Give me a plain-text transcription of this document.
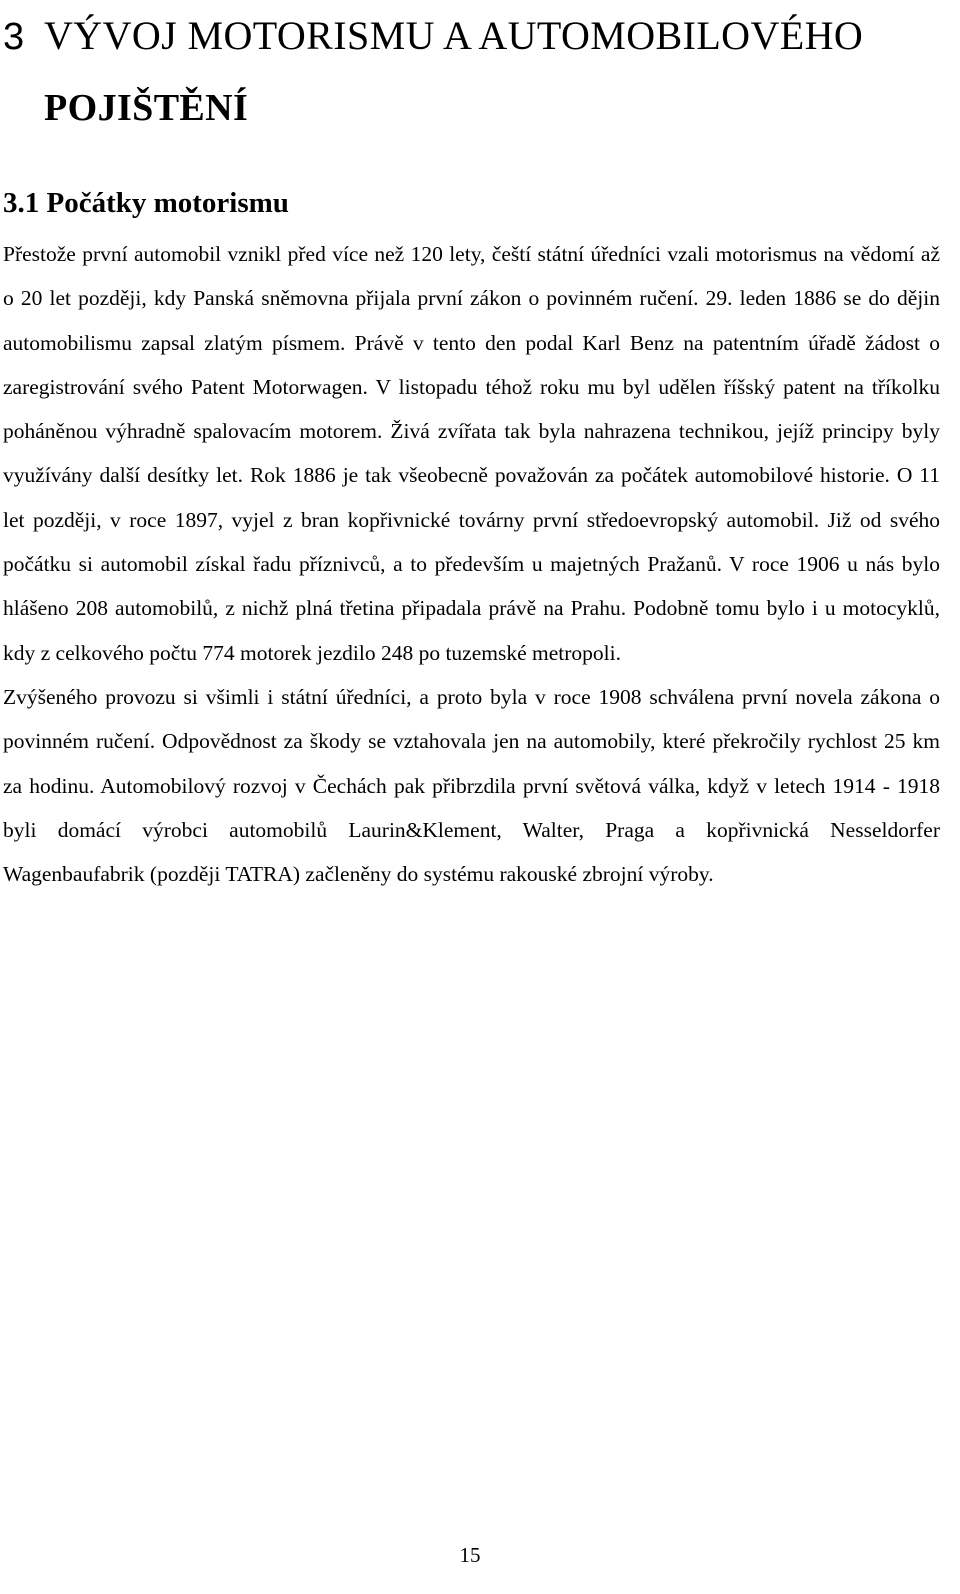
3 VÝVOJ MOTORISMU A AUTOMOBILOVÉHO
POJIŠTĚNÍ
3.1 Počátky motorismu

Přestože první automobil vznikl před více než 120 lety, čeští státní úředníci vzali motorismus na vědomí až o 20 let později, kdy Panská sněmovna přijala první zákon o povinném ručení. 29. leden 1886 se do dějin automobilismu zapsal zlatým písmem. Právě v tento den podal Karl Benz na patentním úřadě žádost o zaregistrování svého Patent Motorwagen. V listopadu téhož roku mu byl udělen říšský patent na tříkolku poháněnou výhradně spalovacím motorem. Živá zvířata tak byla nahrazena technikou, jejíž principy byly využívány další desítky let. Rok 1886 je tak všeobecně považován za počátek automobilové historie. O 11 let později, v roce 1897, vyjel z bran kopřivnické továrny první středoevropský automobil. Již od svého počátku si automobil získal řadu příznivců, a to především u majetných Pražanů. V roce 1906 u nás bylo hlášeno 208 automobilů, z nichž plná třetina připadala právě na Prahu. Podobně tomu bylo i u motocyklů, kdy z celkového počtu 774 motorek jezdilo 248 po tuzemské metropoli.

Zvýšeného provozu si všimli i státní úředníci, a proto byla v roce 1908 schválena první novela zákona o povinném ručení. Odpovědnost za škody se vztahovala jen na automobily, které překročily rychlost 25 km za hodinu. Automobilový rozvoj v Čechách pak přibrzdila první světová válka, když v letech 1914 - 1918 byli domácí výrobci automobilů Laurin&Klement, Walter, Praga a kopřivnická Nesseldorfer Wagenbaufabrik (později TATRA) začleněny do systému rakouské zbrojní výroby.

15
